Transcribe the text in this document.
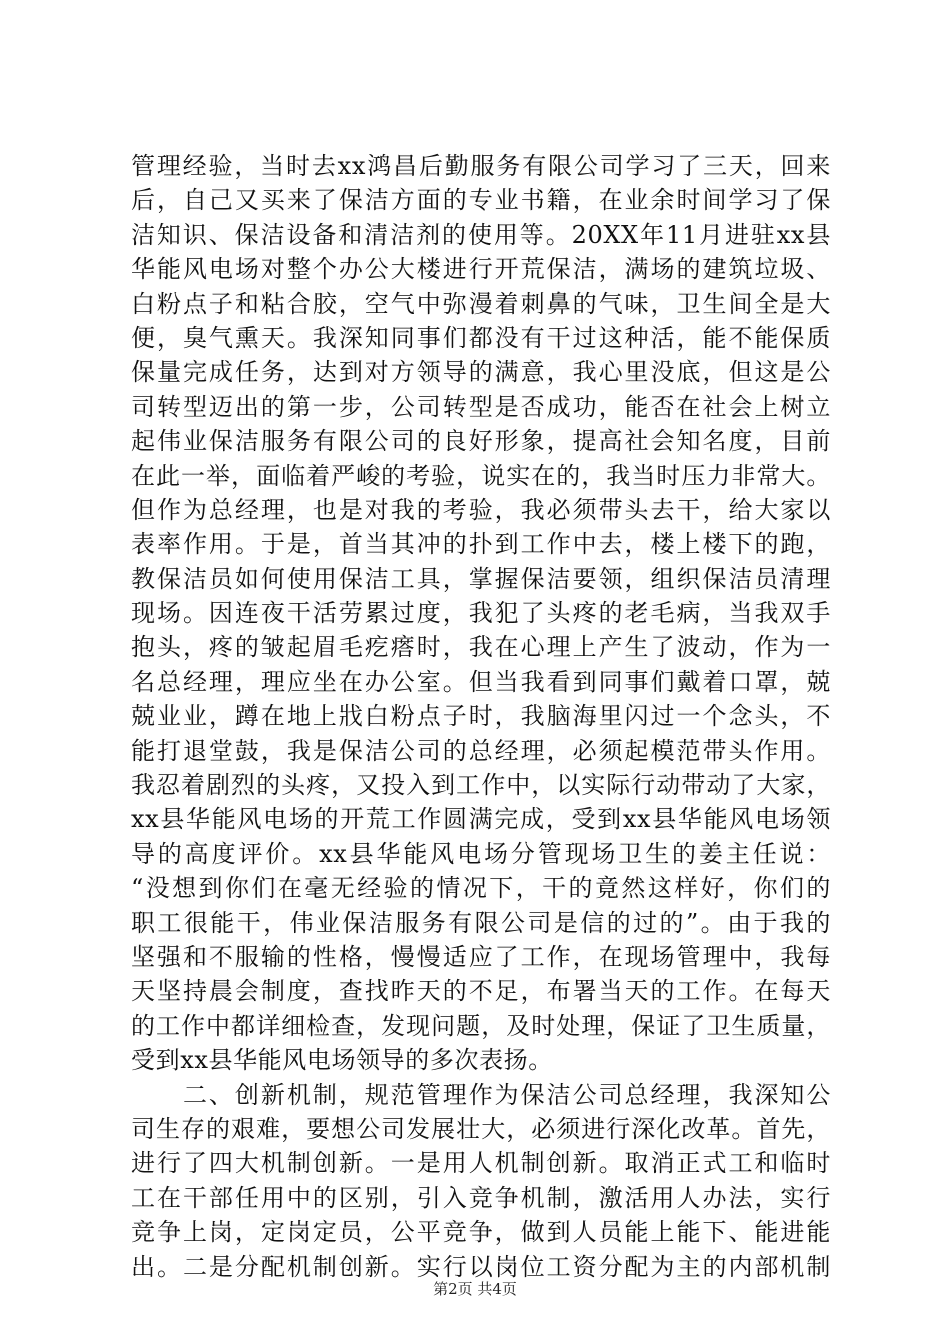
管理经验，当时去xx鸿昌后勤服务有限公司学习了三天，回来
后，自己又买来了保洁方面的专业书籍，在业余时间学习了保
洁知识、保洁设备和清洁剂的使用等。20XX年11月进驻xx县
华能风电场对整个办公大楼进行开荒保洁，满场的建筑垃圾、
白粉点子和粘合胶，空气中弥漫着刺鼻的气味，卫生间全是大
便，臭气熏天。我深知同事们都没有干过这种活，能不能保质
保量完成任务，达到对方领导的满意，我心里没底，但这是公
司转型迈出的第一步，公司转型是否成功，能否在社会上树立
起伟业保洁服务有限公司的良好形象，提高社会知名度，目前
在此一举，面临着严峻的考验，说实在的，我当时压力非常大。
但作为总经理，也是对我的考验，我必须带头去干，给大家以
表率作用。于是，首当其冲的扑到工作中去，楼上楼下的跑，
教保洁员如何使用保洁工具，掌握保洁要领，组织保洁员清理
现场。因连夜干活劳累过度，我犯了头疼的老毛病，当我双手
抱头，疼的皱起眉毛疙瘩时，我在心理上产生了波动，作为一
名总经理，理应坐在办公室。但当我看到同事们戴着口罩，兢
兢业业，蹲在地上戕白粉点子时，我脑海里闪过一个念头，不
能打退堂鼓，我是保洁公司的总经理，必须起模范带头作用。
我忍着剧烈的头疼，又投入到工作中，以实际行动带动了大家，
xx县华能风电场的开荒工作圆满完成，受到xx县华能风电场领
导的高度评价。xx县华能风电场分管现场卫生的姜主任说：
“没想到你们在毫无经验的情况下，干的竟然这样好，你们的
职工很能干，伟业保洁服务有限公司是信的过的”。由于我的
坚强和不服输的性格，慢慢适应了工作，在现场管理中，我每
天坚持晨会制度，查找昨天的不足，布署当天的工作。在每天
的工作中都详细检查，发现问题，及时处理，保证了卫生质量，
受到xx县华能风电场领导的多次表扬。
　　二、创新机制，规范管理作为保洁公司总经理，我深知公
司生存的艰难，要想公司发展壮大，必须进行深化改革。首先，
进行了四大机制创新。一是用人机制创新。取消正式工和临时
工在干部任用中的区别，引入竞争机制，激活用人办法，实行
竞争上岗，定岗定员，公平竞争，做到人员能上能下、能进能
出。二是分配机制创新。实行以岗位工资分配为主的内部机制
第2页 共4页
